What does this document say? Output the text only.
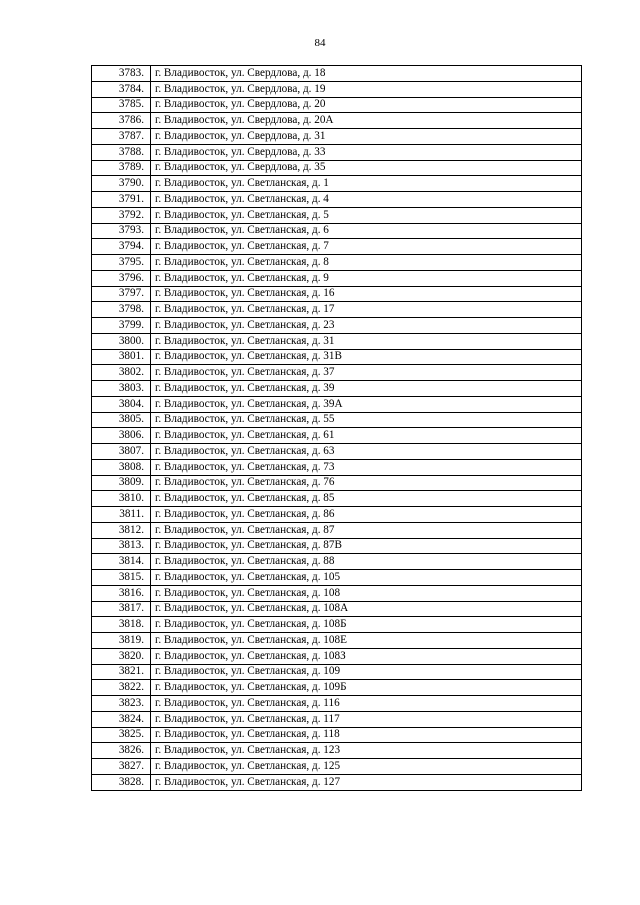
84
3783.	г. Владивосток, ул. Свердлова, д. 18
3784.	г. Владивосток, ул. Свердлова, д. 19
3785.	г. Владивосток, ул. Свердлова, д. 20
3786.	г. Владивосток, ул. Свердлова, д. 20А
3787.	г. Владивосток, ул. Свердлова, д. 31
3788.	г. Владивосток, ул. Свердлова, д. 33
3789.	г. Владивосток, ул. Свердлова, д. 35
3790.	г. Владивосток, ул. Светланская, д. 1
3791.	г. Владивосток, ул. Светланская, д. 4
3792.	г. Владивосток, ул. Светланская, д. 5
3793.	г. Владивосток, ул. Светланская, д. 6
3794.	г. Владивосток, ул. Светланская, д. 7
3795.	г. Владивосток, ул. Светланская, д. 8
3796.	г. Владивосток, ул. Светланская, д. 9
3797.	г. Владивосток, ул. Светланская, д. 16
3798.	г. Владивосток, ул. Светланская, д. 17
3799.	г. Владивосток, ул. Светланская, д. 23
3800.	г. Владивосток, ул. Светланская, д. 31
3801.	г. Владивосток, ул. Светланская, д. 31В
3802.	г. Владивосток, ул. Светланская, д. 37
3803.	г. Владивосток, ул. Светланская, д. 39
3804.	г. Владивосток, ул. Светланская, д. 39А
3805.	г. Владивосток, ул. Светланская, д. 55
3806.	г. Владивосток, ул. Светланская, д. 61
3807.	г. Владивосток, ул. Светланская, д. 63
3808.	г. Владивосток, ул. Светланская, д. 73
3809.	г. Владивосток, ул. Светланская, д. 76
3810.	г. Владивосток, ул. Светланская, д. 85
3811.	г. Владивосток, ул. Светланская, д. 86
3812.	г. Владивосток, ул. Светланская, д. 87
3813.	г. Владивосток, ул. Светланская, д. 87В
3814.	г. Владивосток, ул. Светланская, д. 88
3815.	г. Владивосток, ул. Светланская, д. 105
3816.	г. Владивосток, ул. Светланская, д. 108
3817.	г. Владивосток, ул. Светланская, д. 108А
3818.	г. Владивосток, ул. Светланская, д. 108Б
3819.	г. Владивосток, ул. Светланская, д. 108Е
3820.	г. Владивосток, ул. Светланская, д. 108З
3821.	г. Владивосток, ул. Светланская, д. 109
3822.	г. Владивосток, ул. Светланская, д. 109Б
3823.	г. Владивосток, ул. Светланская, д. 116
3824.	г. Владивосток, ул. Светланская, д. 117
3825.	г. Владивосток, ул. Светланская, д. 118
3826.	г. Владивосток, ул. Светланская, д. 123
3827.	г. Владивосток, ул. Светланская, д. 125
3828.	г. Владивосток, ул. Светланская, д. 127
